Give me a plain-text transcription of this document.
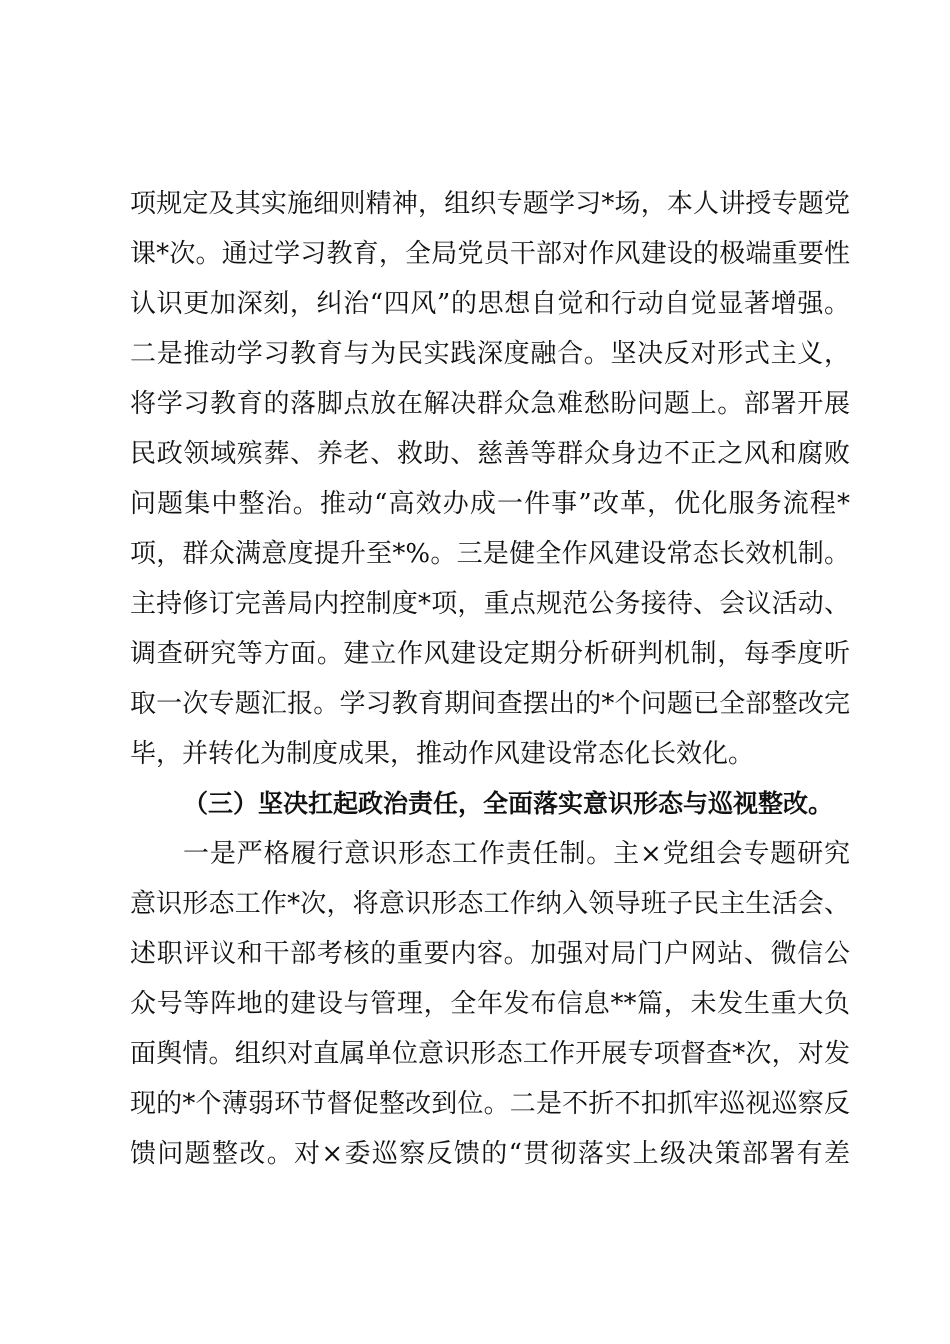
项规定及其实施细则精神，组织专题学习*场，本人讲授专题党
课*次。通过学习教育，全局党员干部对作风建设的极端重要性
认识更加深刻，纠治“四风”的思想自觉和行动自觉显著增强。
二是推动学习教育与为民实践深度融合。坚决反对形式主义，
将学习教育的落脚点放在解决群众急难愁盼问题上。部署开展
民政领域殡葬、养老、救助、慈善等群众身边不正之风和腐败
问题集中整治。推动“高效办成一件事”改革，优化服务流程*
项，群众满意度提升至*%。三是健全作风建设常态长效机制。
主持修订完善局内控制度*项，重点规范公务接待、会议活动、
调查研究等方面。建立作风建设定期分析研判机制，每季度听
取一次专题汇报。学习教育期间查摆出的*个问题已全部整改完
毕，并转化为制度成果，推动作风建设常态化长效化。
（三）坚决扛起政治责任，全面落实意识形态与巡视整改。
一是严格履行意识形态工作责任制。主×党组会专题研究
意识形态工作*次，将意识形态工作纳入领导班子民主生活会、
述职评议和干部考核的重要内容。加强对局门户网站、微信公
众号等阵地的建设与管理，全年发布信息**篇，未发生重大负
面舆情。组织对直属单位意识形态工作开展专项督查*次，对发
现的*个薄弱环节督促整改到位。二是不折不扣抓牢巡视巡察反
馈问题整改。对×委巡察反馈的“贯彻落实上级决策部署有差
